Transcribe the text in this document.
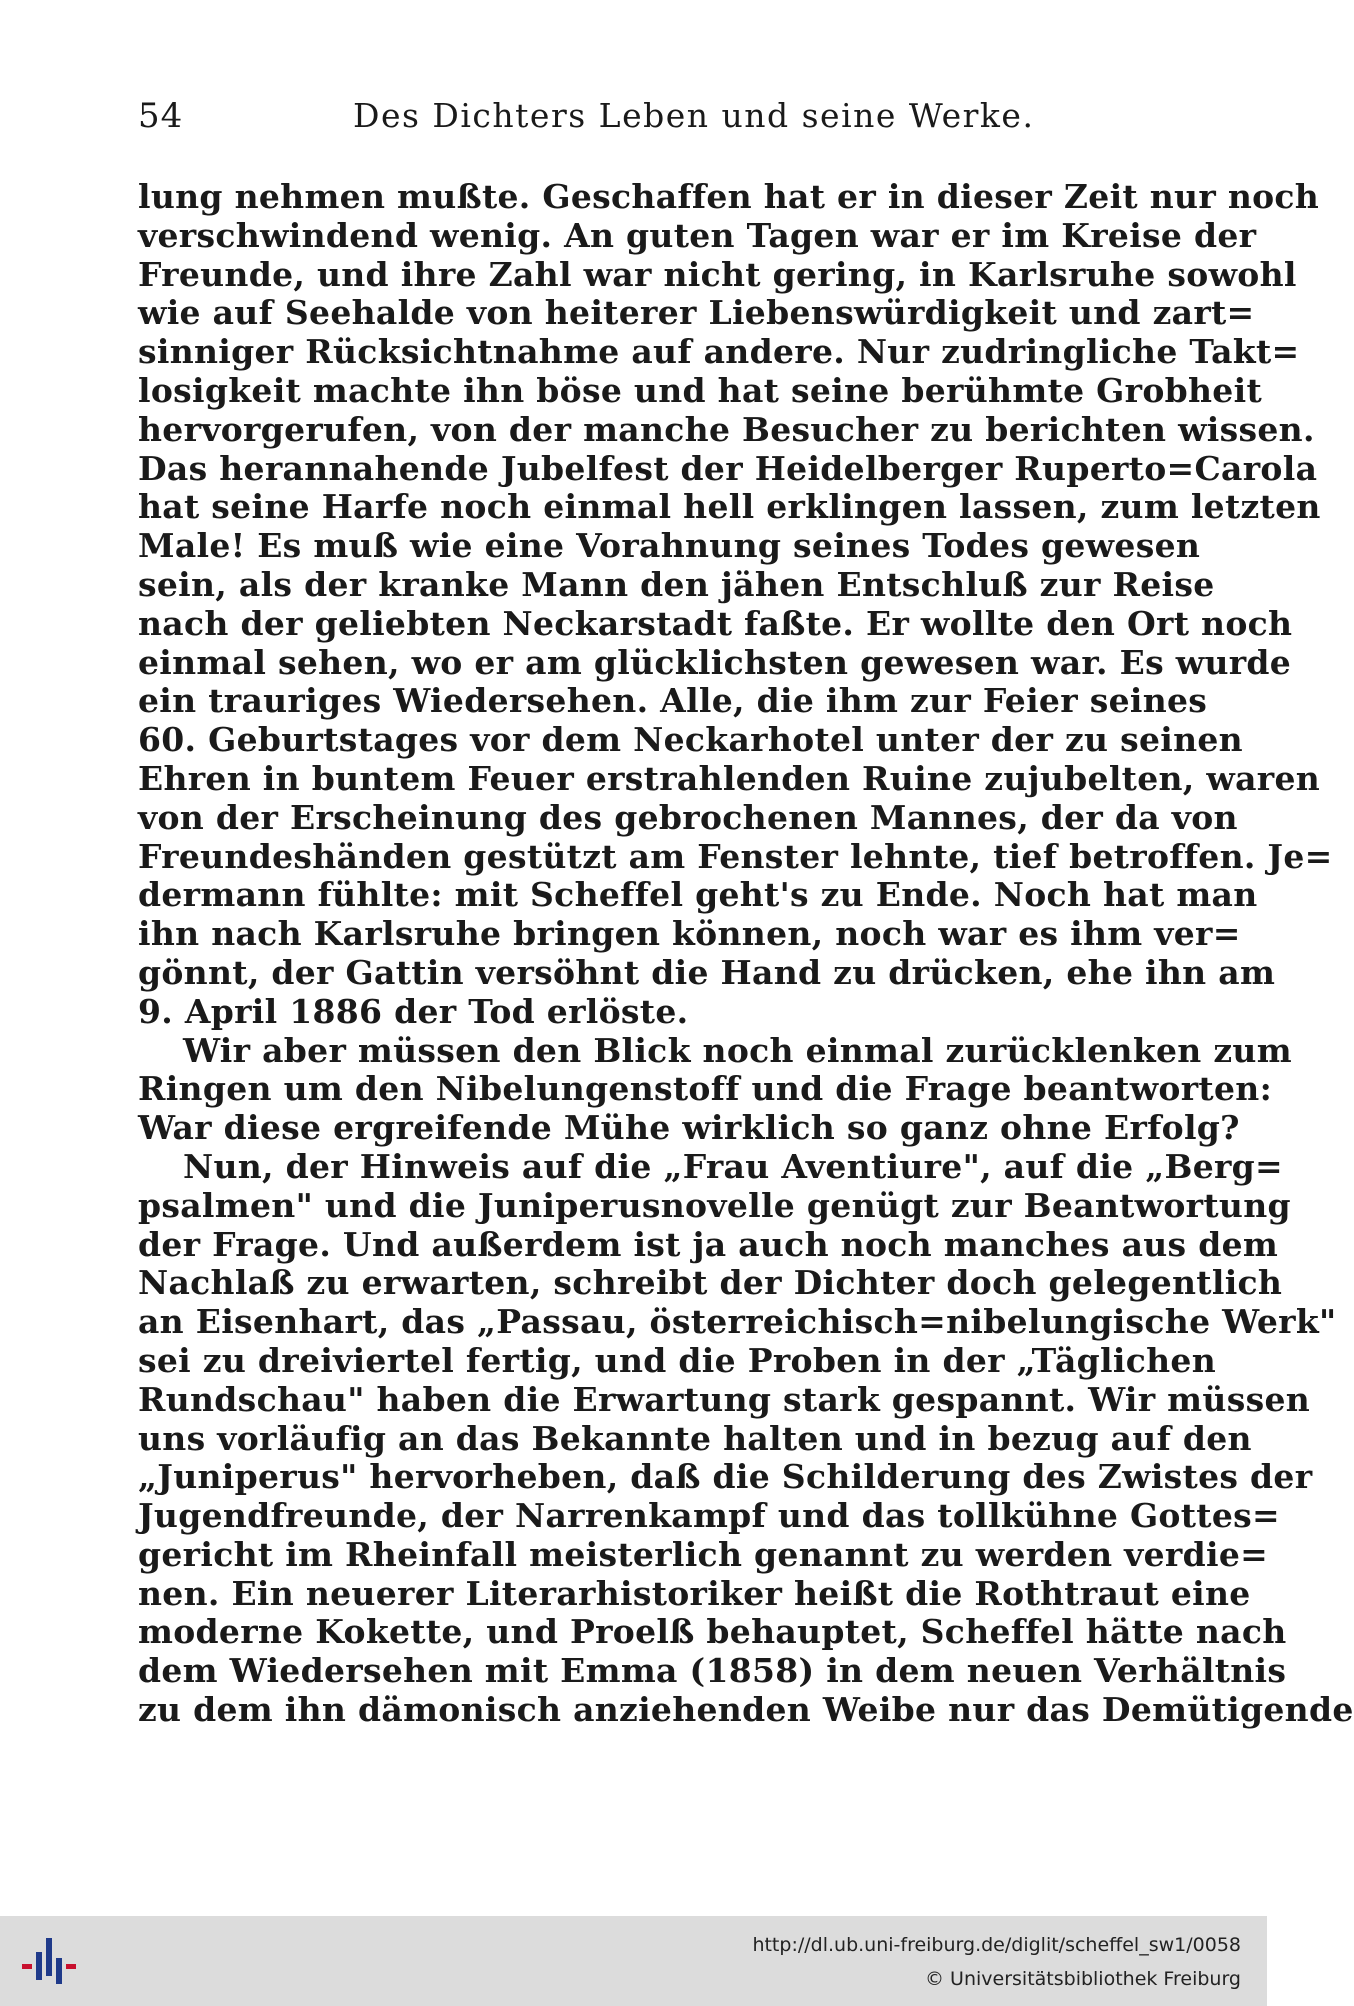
54	Des Dichters Leben und seine Werke.
lung nehmen mußte. Geschaffen hat er in dieser Zeit nur noch
verschwindend wenig. An guten Tagen war er im Kreise der
Freunde, und ihre Zahl war nicht gering, in Karlsruhe sowohl
wie auf Seehalde von heiterer Liebenswürdigkeit und zart=
sinniger Rücksichtnahme auf andere. Nur zudringliche Takt=
losigkeit machte ihn böse und hat seine berühmte Grobheit
hervorgerufen, von der manche Besucher zu berichten wissen.
Das herannahende Jubelfest der Heidelberger Ruperto=Carola
hat seine Harfe noch einmal hell erklingen lassen, zum letzten
Male! Es muß wie eine Vorahnung seines Todes gewesen
sein, als der kranke Mann den jähen Entschluß zur Reise
nach der geliebten Neckarstadt faßte. Er wollte den Ort noch
einmal sehen, wo er am glücklichsten gewesen war. Es wurde
ein trauriges Wiedersehen. Alle, die ihm zur Feier seines
60. Geburtstages vor dem Neckarhotel unter der zu seinen
Ehren in buntem Feuer erstrahlenden Ruine zujubelten, waren
von der Erscheinung des gebrochenen Mannes, der da von
Freundeshänden gestützt am Fenster lehnte, tief betroffen. Je=
dermann fühlte: mit Scheffel geht's zu Ende. Noch hat man
ihn nach Karlsruhe bringen können, noch war es ihm ver=
gönnt, der Gattin versöhnt die Hand zu drücken, ehe ihn am
9. April 1886 der Tod erlöste.
Wir aber müssen den Blick noch einmal zurücklenken zum
Ringen um den Nibelungenstoff und die Frage beantworten:
War diese ergreifende Mühe wirklich so ganz ohne Erfolg?
Nun, der Hinweis auf die „Frau Aventiure", auf die „Berg=
psalmen" und die Juniperusnovelle genügt zur Beantwortung
der Frage. Und außerdem ist ja auch noch manches aus dem
Nachlaß zu erwarten, schreibt der Dichter doch gelegentlich
an Eisenhart, das „Passau, österreichisch=nibelungische Werk"
sei zu dreiviertel fertig, und die Proben in der „Täglichen
Rundschau" haben die Erwartung stark gespannt. Wir müssen
uns vorläufig an das Bekannte halten und in bezug auf den
„Juniperus" hervorheben, daß die Schilderung des Zwistes der
Jugendfreunde, der Narrenkampf und das tollkühne Gottes=
gericht im Rheinfall meisterlich genannt zu werden verdie=
nen. Ein neuerer Literarhistoriker heißt die Rothtraut eine
moderne Kokette, und Proelß behauptet, Scheffel hätte nach
dem Wiedersehen mit Emma (1858) in dem neuen Verhältnis
zu dem ihn dämonisch anziehenden Weibe nur das Demütigende
http://dl.ub.uni-freiburg.de/diglit/scheffel_sw1/0058
© Universitätsbibliothek Freiburg
